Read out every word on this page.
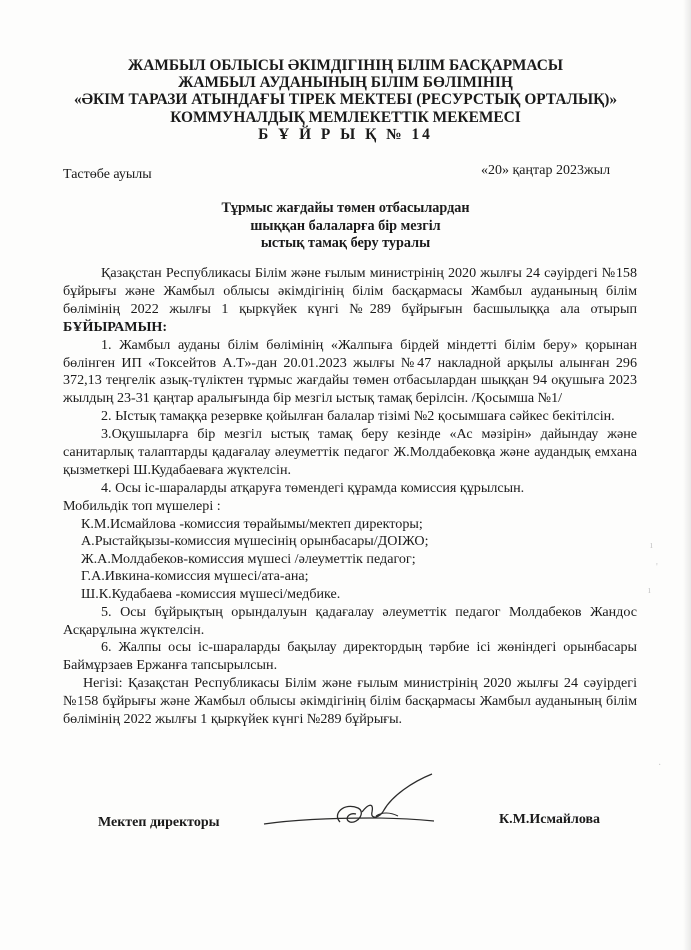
ЖАМБЫЛ ОБЛЫСЫ ӘКІМДІГІНІҢ БІЛІМ БАСҚАРМАСЫ
ЖАМБЫЛ АУДАНЫНЫҢ БІЛІМ БӨЛІМІНІҢ
«ӘКІМ ТАРАЗИ АТЫНДАҒЫ ТІРЕК МЕКТЕБІ (РЕСУРСТЫҚ ОРТАЛЫҚ)»
КОММУНАЛДЫҚ МЕМЛЕКЕТТІК МЕКЕМЕСІ
Б Ұ Й Р Ы Қ № 14
Тастөбе ауылы	«20» қаңтар 2023жыл
Тұрмыс жағдайы төмен отбасылардан
шыққан балаларға бір мезгіл
ыстық тамақ беру туралы

Қазақстан Республикасы Білім және ғылым министрінің 2020 жылғы 24 сәуірдегі №158 бұйрығы және Жамбыл облысы әкімдігінің білім басқармасы Жамбыл ауданының білім бөлімінің 2022 жылғы 1 қыркүйек күнгі №289 бұйрығын басшылыққа ала отырып БҰЙЫРАМЫН:

1. Жамбыл ауданы білім бөлімінің «Жалпыға бірдей міндетті білім беру» қорынан бөлінген ИП «Токсейтов А.Т»-дан 20.01.2023 жылғы №47 накладной арқылы алынған 296 372,13 теңгелік азық-түліктен тұрмыс жағдайы төмен отбасылардан шыққан 94 оқушыға 2023 жылдың 23-31 қаңтар аралығында бір мезгіл ыстық тамақ берілсін. /Қосымша №1/

2. Ыстық тамаққа резервке қойылған балалар тізімі №2 қосымшаға сәйкес бекітілсін.

3.Оқушыларға бір мезгіл ыстық тамақ беру кезінде «Ас мәзірін» дайындау және санитарлық талаптарды қадағалау әлеуметтік педагог Ж.Молдабековқа және аудандық емхана қызметкері Ш.Кудабаеваға жүктелсін.

4. Осы іс-шараларды атқаруға төмендегі құрамда комиссия құрылсын.

Мобильдік топ мүшелері :

К.М.Исмайлова -комиссия төрайымы/мектеп директоры;

А.Рыстайқызы-комиссия мүшесінің орынбасары/ДОІЖО;

Ж.А.Молдабеков-комиссия мүшесі /әлеуметтік педагог;

Г.А.Ивкина-комиссия мүшесі/ата-ана;

Ш.К.Кудабаева -комиссия мүшесі/медбике.

5. Осы бұйрықтың орындалуын қадағалау әлеуметтік педагог Молдабеков Жандос Асқарұлына жүктелсін.

6. Жалпы осы іс-шараларды бақылау директордың тәрбие ісі жөніндегі орынбасары Баймұрзаев Ержанға тапсырылсын.

Негізі: Қазақстан Республикасы Білім және ғылым министрінің 2020 жылғы 24 сәуірдегі №158 бұйрығы және Жамбыл облысы әкімдігінің білім басқармасы Жамбыл ауданының білім бөлімінің 2022 жылғы 1 қыркүйек күнгі №289 бұйрығы.

Мектеп директоры	К.М.Исмайлова
ı
'
ı
·
